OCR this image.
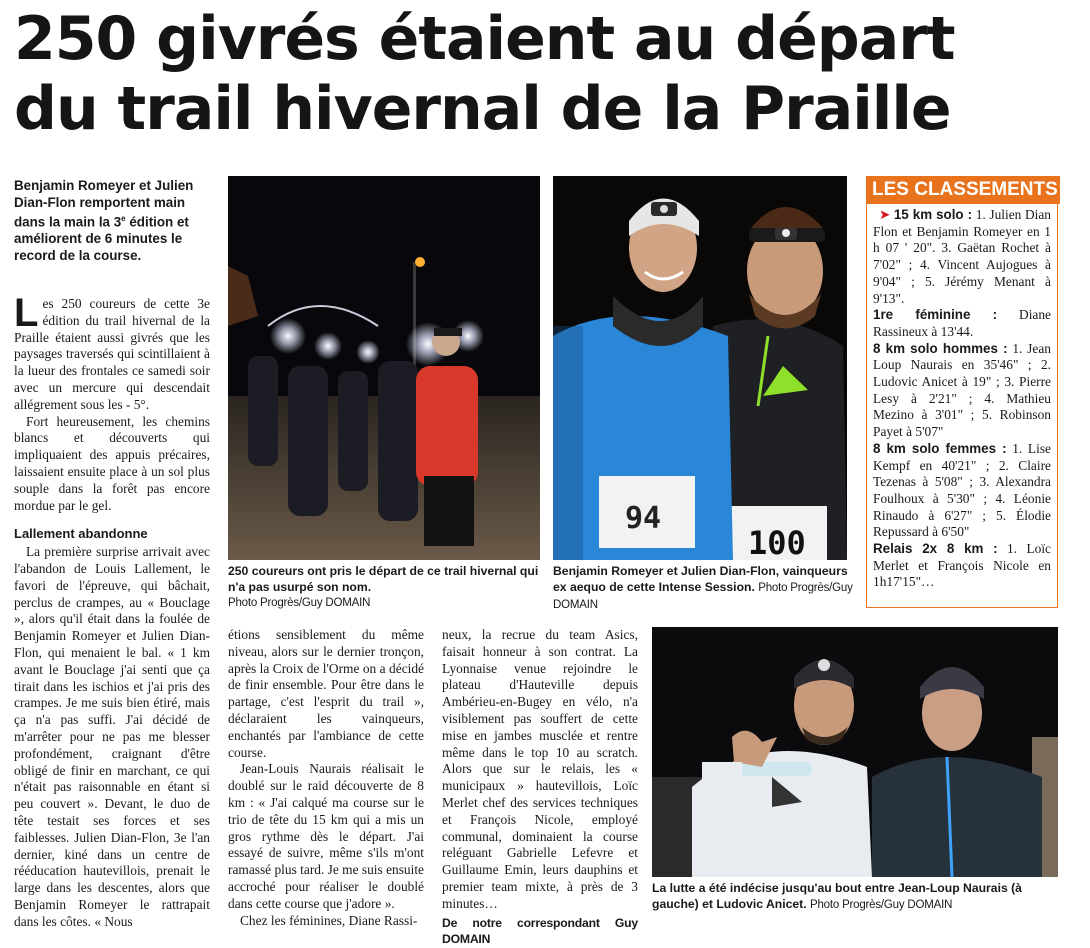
250 givrés étaient au départ
du trail hivernal de la Praille
Benjamin Romeyer et Julien Dian-Flon remportent main dans la main la 3e édition et améliorent de 6 minutes le record de la course.

Les 250 coureurs de cette 3e édition du trail hivernal de la Praille étaient aussi givrés que les paysages traversés qui scintillaient à la lueur des frontales ce samedi soir avec un mercure qui descendait allégrement sous les - 5°.

Fort heureusement, les chemins blancs et découverts qui impliquaient des appuis précaires, laissaient ensuite place à un sol plus souple dans la forêt pas encore mordue par le gel.

Lallement abandonne

La première surprise arrivait avec l'abandon de Louis Lallement, le favori de l'épreuve, qui bâchait, perclus de crampes, au « Bouclage », alors qu'il était dans la foulée de Benjamin Romeyer et Julien Dian-Flon, qui menaient le bal. « 1 km avant le Bouclage j'ai senti que ça tirait dans les ischios et j'ai pris des crampes. Je me suis bien étiré, mais ça n'a pas suffi. J'ai décidé de m'arrêter pour ne pas me blesser profondément, craignant d'être obligé de finir en marchant, ce qui n'était pas raisonnable en étant si peu couvert ». Devant, le duo de tête testait ses forces et ses faiblesses. Julien Dian-Flon, 3e l'an dernier, kiné dans un centre de rééducation hautevillois, prenait le large dans les descentes, alors que Benjamin Romeyer le rattrapait dans les côtes. « Nous

étions sensiblement du même niveau, alors sur le dernier tronçon, après la Croix de l'Orme on a décidé de finir ensemble. Pour être dans le partage, c'est l'esprit du trail », déclaraient les vainqueurs, enchantés par l'ambiance de cette course.

Jean-Louis Naurais réalisait le doublé sur le raid découverte de 8 km : « J'ai calqué ma course sur le trio de tête du 15 km qui a mis un gros rythme dès le départ. J'ai essayé de suivre, même s'ils m'ont ramassé plus tard. Je me suis ensuite accroché pour réaliser le doublé dans cette course que j'adore ».

Chez les féminines, Diane Rassi-

neux, la recrue du team Asics, faisait honneur à son contrat. La Lyonnaise venue rejoindre le plateau d'Hauteville depuis Ambérieu-en-Bugey en vélo, n'a visiblement pas souffert de cette mise en jambes musclée et rentre même dans le top 10 au scratch. Alors que sur le relais, les « municipaux » hautevillois, Loïc Merlet chef des services techniques et François Nicole, employé communal, dominaient la course reléguant Gabrielle Lefevre et Guillaume Emin, leurs dauphins et premier team mixte, à près de 3 minutes…

De notre correspondant Guy DOMAIN

250 coureurs ont pris le départ de ce trail hivernal qui n'a pas usurpé son nom.
Photo Progrès/Guy DOMAIN
100
94
Benjamin Romeyer et Julien Dian-Flon, vainqueurs ex aequo de cette Intense Session. Photo Progrès/Guy DOMAIN
LES CLASSEMENTS
➤ 15 km solo : 1. Julien Dian Flon et Benjamin Romeyer en 1 h 07 ' 20". 3. Gaëtan Rochet à 7'02" ; 4. Vincent Aujogues à 9'04" ; 5. Jérémy Menant à 9'13".
1re féminine : Diane Rassineux à 13'44.
8 km solo hommes : 1. Jean Loup Naurais en 35'46" ; 2. Ludovic Anicet à 19" ; 3. Pierre Lesy à 2'21" ; 4. Mathieu Mezino à 3'01" ; 5. Robinson Payet à 5'07"
8 km solo femmes : 1. Lise Kempf en 40'21" ; 2. Claire Tezenas à 5'08" ; 3. Alexandra Foulhoux à 5'30" ; 4. Léonie Rinaudo à 6'27" ; 5. Élodie Repussard à 6'50"
Relais 2x 8 km : 1. Loïc Merlet et François Nicole en 1h17'15"…
La lutte a été indécise jusqu'au bout entre Jean-Loup Naurais (à gauche) et Ludovic Anicet. Photo Progrès/Guy DOMAIN
